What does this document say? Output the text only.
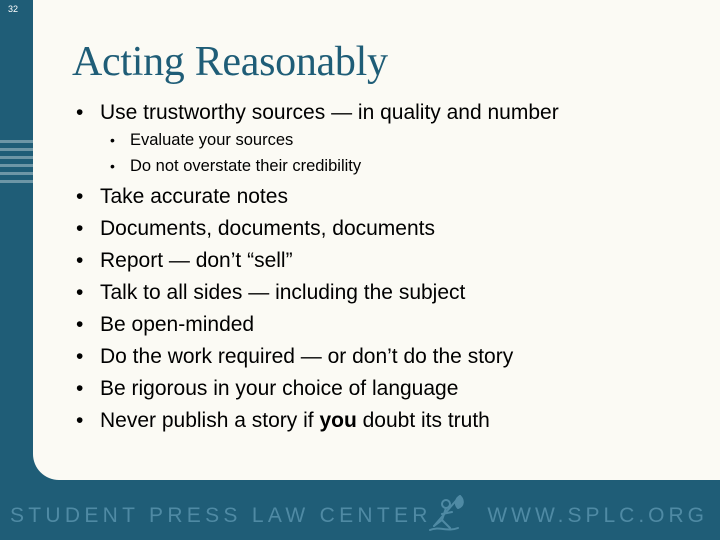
32
Acting Reasonably
• Use trustworthy sources — in quality and number
• Evaluate your sources
• Do not overstate their credibility
• Take accurate notes
• Documents, documents, documents
• Report — don’t “sell”
• Talk to all sides — including the subject
• Be open-minded
• Do the work required — or don’t do the story
• Be rigorous in your choice of language
• Never publish a story if you doubt its truth
STUDENT PRESS LAW CENTER	WWW.SPLC.ORG
